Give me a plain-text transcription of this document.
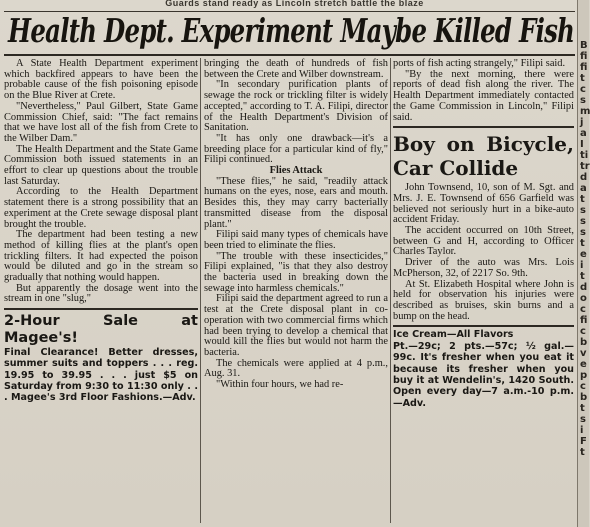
Guards stand ready as Lincoln stretch battle the blaze
Health Dept. Experiment Maybe Killed Fish

A State Health Department experiment which backfired appears to have been the probable cause of the fish poisoning episode on the Blue River at Crete.

"Nevertheless," Paul Gilbert, State Game Commission Chief, said: "The fact remains that we have lost all of the fish from Crete to the Wilber Dam."

The Health Department and the State Game Commission both issued statements in an effort to clear up questions about the trouble last Saturday.

According to the Health Department statement there is a strong possibility that an experiment at the Crete sewage disposal plant brought the trouble.

The department had been testing a new method of killing flies at the plant's open trickling filters. It had expected the poison would be diluted and go in the stream so gradually that nothing would happen.

But apparently the dosage went into the stream in one "slug,"

2-Hour Sale at Magee's!

Final Clearance! Better dresses, summer suits and toppers . . . reg. 19.95 to 39.95 . . . just $5 on Saturday from 9:30 to 11:30 only . . . Magee's 3rd Floor Fashions.—Adv.

bringing the death of hundreds of fish between the Crete and Wilber downstream.

"In secondary purification plants of sewage the rock or trickling filter is widely accepted," according to T. A. Filipi, director of the Health Department's Division of Sanitation.

"It has only one drawback—it's a breeding place for a particular kind of fly," Filipi continued.

Flies Attack

"These flies," he said, "readily attack humans on the eyes, nose, ears and mouth. Besides this, they may carry bacterially transmitted disease from the disposal plant."

Filipi said many types of chemicals have been tried to eliminate the flies.

"The trouble with these insecticides," Filipi explained, "is that they also destroy the bacteria used in breaking down the sewage into harmless chemicals."

Filipi said the department agreed to run a test at the Crete disposal plant in co-operation with two commercial firms which had been trying to develop a chemical that would kill the flies but would not harm the bacteria.

The chemicals were applied at 4 p.m., Aug. 31.

"Within four hours, we had re-

ports of fish acting strangely," Filipi said.

"By the next morning, there were reports of dead fish along the river. The Health Department immediately contacted the Game Commission in Lincoln," Filipi said.

Boy on Bicycle, Car Collide

John Townsend, 10, son of M. Sgt. and Mrs. J. E. Townsend of 656 Garfield was believed not seriously hurt in a bike-auto accident Friday.

The accident occurred on 10th Street, between G and H, according to Officer Charles Taylor.

Driver of the auto was Mrs. Lois McPherson, 32, of 2217 So. 9th.

At St. Elizabeth Hospital where John is held for observation his injuries were described as bruises, skin burns and a bump on the head.

Ice Cream—All Flavors

Pt.—29c; 2 pts.—57c; ½ gal.—99c. It's fresher when you eat it because its fresher when you buy it at Wendelin's, 1420 South. Open every day—7 a.m.-10 p.m.—Adv.

B
fi
fi
t
c
s
m
j
a
I
ti
tr
d
a
t
s
s
s
t
e
i
t
d
o
c
fi
c
b
v
e
p
c
b
t
s
i
F
t
